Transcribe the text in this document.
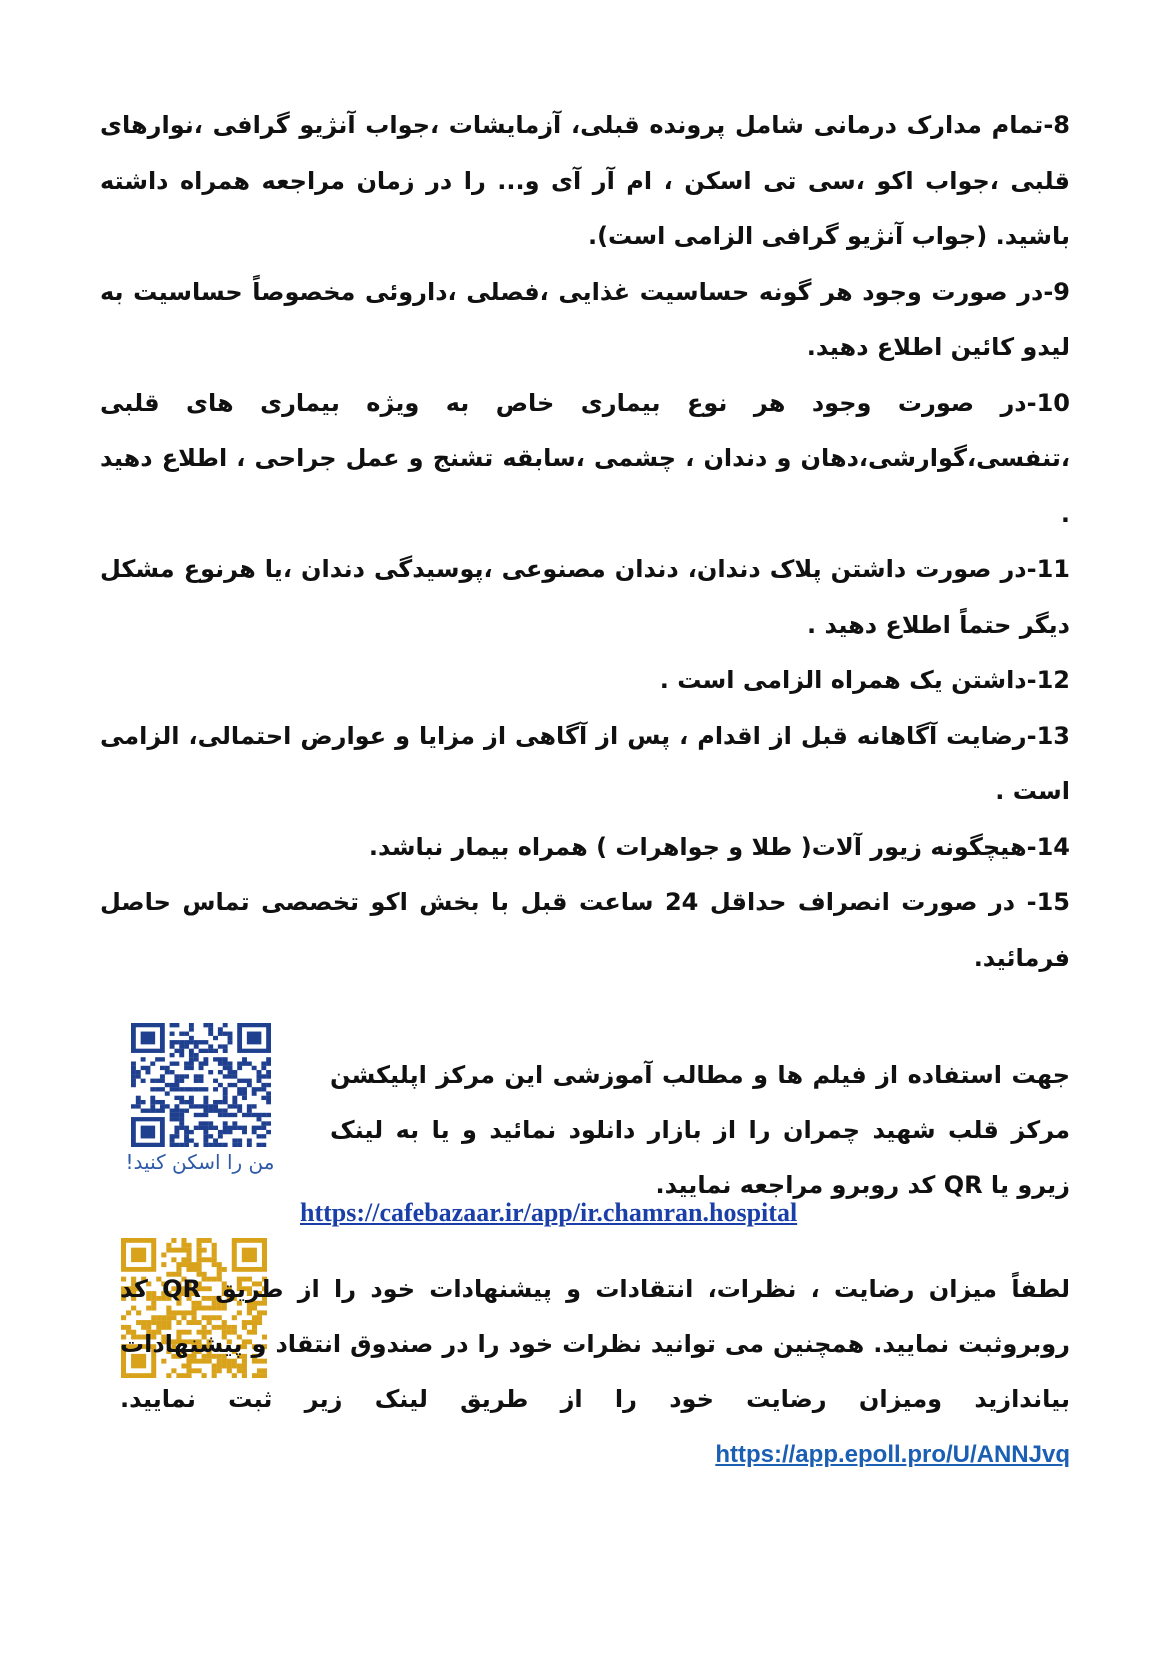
8-تمام مدارک درمانی شامل پرونده قبلی، آزمایشات ،جواب آنژیو گرافی ،نوارهای قلبی ،جواب اکو ،سی تی اسکن ، ام آر آی و... را در زمان مراجعه همراه داشته باشید. (جواب آنژیو گرافی الزامی است).

9-در صورت وجود هر گونه حساسیت غذایی ،فصلی ،داروئی مخصوصاً حساسیت به لیدو کائین اطلاع دهید.

10-در صورت وجود هر نوع بیماری خاص به ویژه بیماری های قلبی ،تنفسی،گوارشی،دهان و دندان ، چشمی ،سابقه تشنج و عمل جراحی ، اطلاع دهید .

11-در صورت داشتن پلاک دندان، دندان مصنوعی ،پوسیدگی دندان ،یا هرنوع مشکل دیگر حتماً اطلاع دهید .

12-داشتن یک همراه الزامی است .

13-رضایت آگاهانه قبل از اقدام ، پس از آگاهی از مزایا و عوارض احتمالی، الزامی است .

14-هیچگونه زیور آلات( طلا و جواهرات ) همراه بیمار نباشد.

15- در صورت انصراف حداقل 24 ساعت قبل با بخش اکو تخصصی تماس حاصل فرمائید.

من را اسکن کنید!
جهت استفاده از فیلم ها و مطالب آموزشی این مرکز اپلیکشن مرکز قلب شهید چمران را از بازار دانلود نمائید و یا به لینک زیرو یا QR کد روبرو مراجعه نمایید.
https://cafebazaar.ir/app/ir.chamran.hospital
لطفاً میزان رضایت ، نظرات، انتقادات و پیشنهادات خود را از طریق QR کد روبروثبت نمایید. همچنین می توانید نظرات خود را در صندوق انتقاد و پیشنهادات بیاندازید ومیزان رضایت خود را از طریق لینک زیر ثبت نمایید. https://app.epoll.pro/U/ANNJvq
